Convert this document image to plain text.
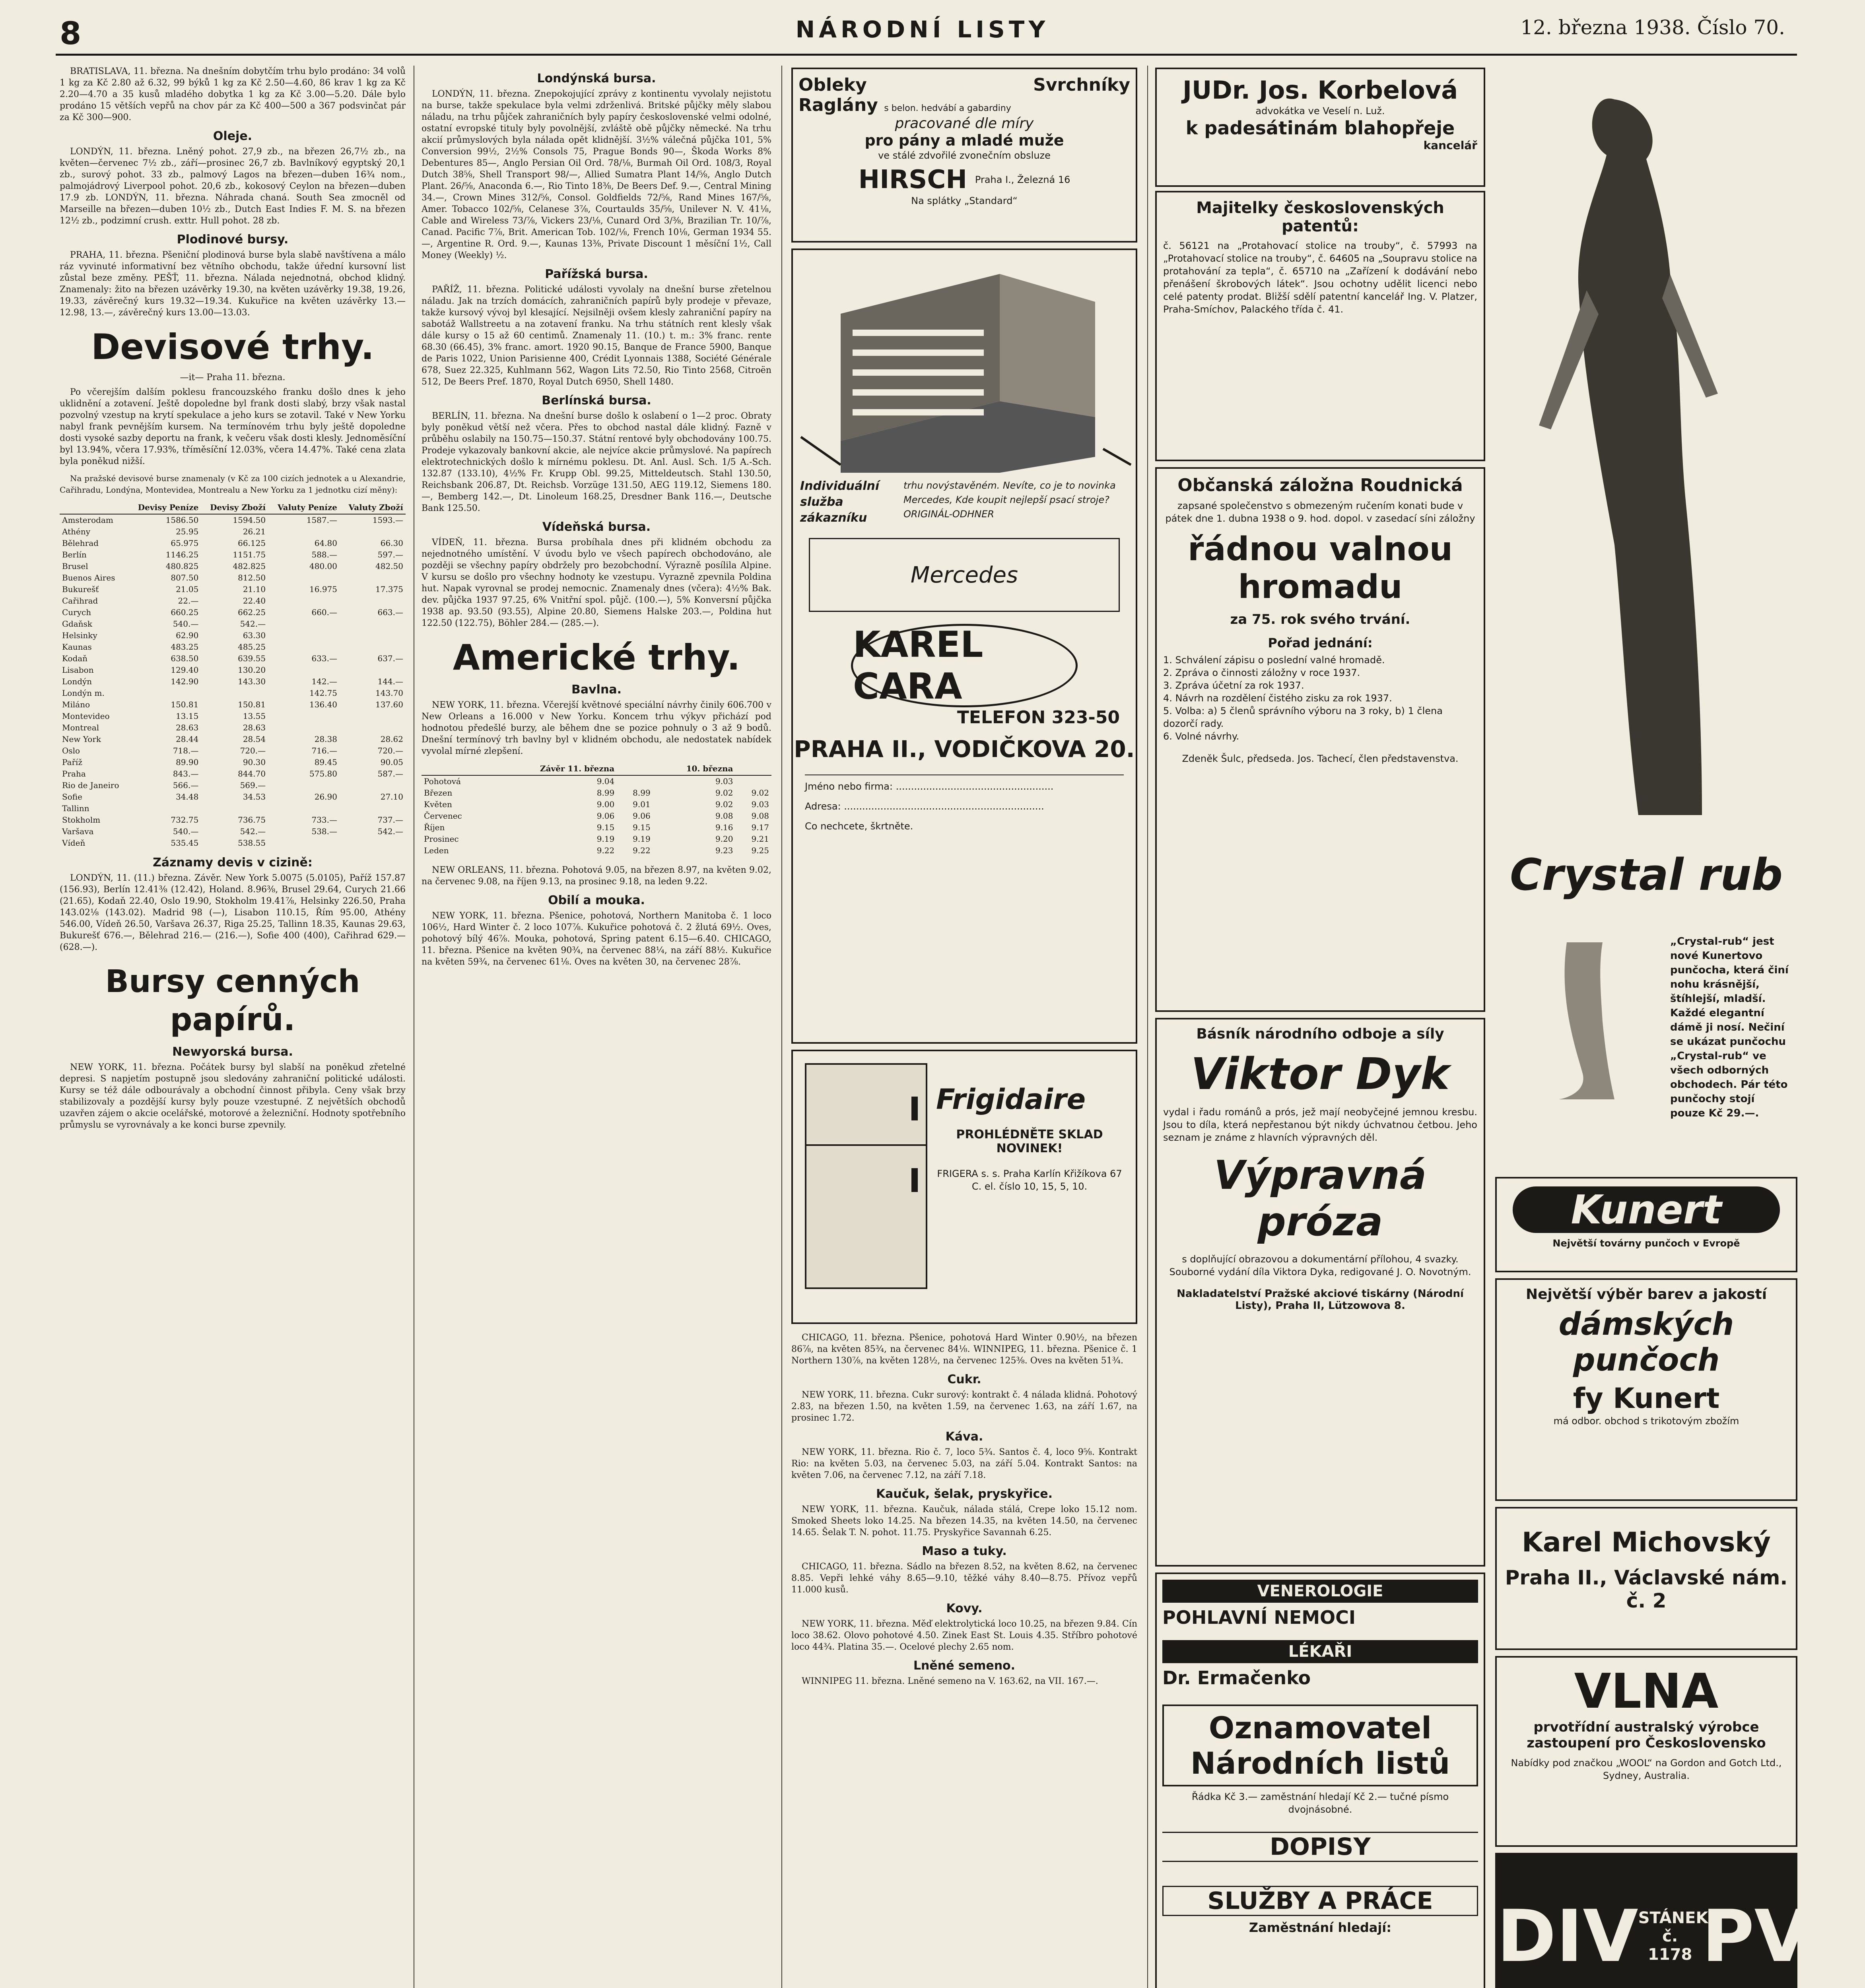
8	NÁRODNÍ LISTY	12. března 1938. Číslo 70.

BRATISLAVA, 11. března. Na dnešním dobytčím trhu bylo prodáno: 34 volů 1 kg za Kč 2.80 až 6.32, 99 býků 1 kg za Kč 2.50—4.60, 86 krav 1 kg za Kč 2.20—4.70 a 35 kusů mladého dobytka 1 kg za Kč 3.00—5.20. Dále bylo prodáno 15 větších vepřů na chov pár za Kč 400—500 a 367 podsvinčat pár za Kč 300—900.

Oleje.

LONDÝN, 11. března. Lněný pohot. 27,9 zb., na březen 26,7½ zb., na květen—červenec 7½ zb., září—prosinec 26,7 zb. Bavlníkový egyptský 20,1 zb., surový pohot. 33 zb., palmový Lagos na březen—duben 16¾ nom., palmojádrový Liverpool pohot. 20,6 zb., kokosový Ceylon na březen—duben 17.9 zb. LONDÝN, 11. března. Náhrada chaná. South Sea zmocněl od Marseille na březen—duben 10½ zb., Dutch East Indies F. M. S. na březen 12½ zb., podzimní crush. exttr. Hull pohot. 28 zb.

Plodinové bursy.

PRAHA, 11. března. Pšeniční plodinová burse byla slabě navštívena a málo ráz vyvinuté informativní bez větního obchodu, takže úřední kursovní list zůstal beze změny. PEŠŤ, 11. března. Nálada nejednotná, obchod klidný. Znamenaly: žito na březen uzávěrky 19.30, na květen uzávěrky 19.38, 19.26, 19.33, závěrečný kurs 19.32—19.34. Kukuřice na květen uzávěrky 13.—12.98, 13.—, závěrečný kurs 13.00—13.03.

Devisové trhy.
—it— Praha 11. března.

Po včerejším dalším poklesu francouzského franku došlo dnes k jeho uklidnění a zotavení. Ještě dopoledne byl frank dosti slabý, brzy však nastal pozvolný vzestup na krytí spekulace a jeho kurs se zotavil. Také v New Yorku nabyl frank pevnějším kursem. Na termínovém trhu byly ještě dopoledne dosti vysoké sazby deportu na frank, k večeru však dosti klesly. Jednoměsíční byl 13.94%, včera 17.93%, tříměsíční 12.03%, včera 14.47%. Také cena zlata byla poněkud nižší.

Na pražské devisové burse znamenaly (v Kč za 100 cizích jednotek a u Alexandrie, Cařihradu, Londýna, Montevidea, Montrealu a New Yorku za 1 jednotku cizí měny):

	Devisy Peníze	Devisy Zboží	Valuty Peníze	Valuty Zboží
Amsterodam	1586.50	1594.50	1587.—	1593.—
Athény	25.95	26.21		
Bělehrad	65.975	66.125	64.80	66.30
Berlín	1146.25	1151.75	588.—	597.—
Brusel	480.825	482.825	480.00	482.50
Buenos Aires	807.50	812.50		
Bukurešť	21.05	21.10	16.975	17.375
Cařihrad	22.—	22.40		
Curych	660.25	662.25	660.—	663.—
Gdaňsk	540.—	542.—		
Helsinky	62.90	63.30		
Kaunas	483.25	485.25		
Kodaň	638.50	639.55	633.—	637.—
Lisabon	129.40	130.20		
Londýn	142.90	143.30	142.—	144.—
Londýn m.			142.75	143.70
Miláno	150.81	150.81	136.40	137.60
Montevideo	13.15	13.55		
Montreal	28.63	28.63		
New York	28.44	28.54	28.38	28.62
Oslo	718.—	720.—	716.—	720.—
Paříž	89.90	90.30	89.45	90.05
Praha	843.—	844.70	575.80	587.—
Rio de Janeiro	566.—	569.—		
Sofie	34.48	34.53	26.90	27.10
Tallinn				
Stokholm	732.75	736.75	733.—	737.—
Varšava	540.—	542.—	538.—	542.—
Vídeň	535.45	538.55		
Záznamy devis v cizině:

LONDÝN, 11. (11.) března. Závěr. New York 5.0075 (5.0105), Paříž 157.87 (156.93), Berlín 12.41⅜ (12.42), Holand. 8.96⅜, Brusel 29.64, Curych 21.66 (21.65), Kodaň 22.40, Oslo 19.90, Stokholm 19.41⅞, Helsinky 226.50, Praha 143.02⅛ (143.02). Madrid 98 (—), Lisabon 110.15, Řím 95.00, Athény 546.00, Vídeň 26.50, Varšava 26.37, Riga 25.25, Tallinn 18.35, Kaunas 29.63, Bukurešť 676.—, Bělehrad 216.— (216.—), Sofie 400 (400), Cařihrad 629.— (628.—).

Bursy cenných papírů.
Newyorská bursa.

NEW YORK, 11. března. Počátek bursy byl slabší na poněkud zřetelné depresi. S napjetím postupně jsou sledovány zahraniční politické události. Kursy se též dále odbourávaly a obchodní činnost přibyla. Ceny však brzy stabilizovaly a pozdější kursy byly pouze vzestupné. Z největších obchodů uzavřen zájem o akcie ocelářské, motorové a železniční. Hodnoty spotřebního průmyslu se vyrovnávaly a ke konci burse zpevnily.

Londýnská bursa.

LONDÝN, 11. března. Znepokojující zprávy z kontinentu vyvolaly nejistotu na burse, takže spekulace byla velmi zdrženlivá. Britské půjčky měly slabou náladu, na trhu půjček zahraničních byly papíry československé velmi odolné, ostatní evropské tituly byly povolnější, zvláště obě půjčky německé. Na trhu akcií průmyslových byla nálada opět klidnější. 3½% válečná půjčka 101, 5% Conversion 99½, 2½% Consols 75, Prague Bonds 90—, Škoda Works 8% Debentures 85—, Anglo Persian Oil Ord. 78/⅛, Burmah Oil Ord. 108/3, Royal Dutch 38⅝, Shell Transport 98/—, Allied Sumatra Plant 14/⅝, Anglo Dutch Plant. 26/⅝, Anaconda 6.—, Rio Tinto 18⅜, De Beers Def. 9.—, Central Mining 34.—, Crown Mines 312/⅝, Consol. Goldfields 72/⅝, Rand Mines 167/⅝, Amer. Tobacco 102/⅝, Celanese 3⅞, Courtaulds 35/⅝, Unilever N. V. 41⅛, Cable and Wireless 73/⅞, Vickers 23/⅛, Cunard Ord 3/⅜, Brazilian Tr. 10/⅞, Canad. Pacific 7⅞, Brit. American Tob. 102/⅛, French 10⅛, German 1934 55.—, Argentine R. Ord. 9.—, Kaunas 13⅜, Private Discount 1 měsíční 1½, Call Money (Weekly) ½.

Pařížská bursa.

PAŘÍŽ, 11. března. Politické události vyvolaly na dnešní burse zřetelnou náladu. Jak na trzích domácích, zahraničních papírů byly prodeje v převaze, takže kursový vývoj byl klesající. Nejsilněji ovšem klesly zahraniční papíry na sabotáž Wallstreetu a na zotavení franku. Na trhu státních rent klesly však dále kursy o 15 až 60 centimů. Znamenaly 11. (10.) t. m.: 3% franc. rente 68.30 (66.45), 3% franc. amort. 1920 90.15, Banque de France 5900, Banque de Paris 1022, Union Parisienne 400, Crédit Lyonnais 1388, Société Générale 678, Suez 22.325, Kuhlmann 562, Wagon Lits 72.50, Rio Tinto 2568, Citroën 512, De Beers Pref. 1870, Royal Dutch 6950, Shell 1480.

Berlínská bursa.

BERLÍN, 11. března. Na dnešní burse došlo k oslabení o 1—2 proc. Obraty byly poněkud větší než včera. Přes to obchod nastal dále klidný. Fazně v průběhu oslabily na 150.75—150.37. Státní rentové byly obchodovány 100.75. Prodeje vykazovaly bankovní akcie, ale nejvíce akcie průmyslové. Na papírech elektrotechnických došlo k mírnému poklesu. Dt. Anl. Ausl. Sch. 1/5 A.-Sch. 132.87 (133.10), 4½% Fr. Krupp Obl. 99.25, Mitteldeutsch. Stahl 130.50, Reichsbank 206.87, Dt. Reichsb. Vorzüge 131.50, AEG 119.12, Siemens 180.—, Bemberg 142.—, Dt. Linoleum 168.25, Dresdner Bank 116.—, Deutsche Bank 125.50.

Vídeňská bursa.

VÍDEŇ, 11. března. Bursa probíhala dnes při klidném obchodu za nejednotného umístění. V úvodu bylo ve všech papírech obchodováno, ale později se všechny papíry obdržely pro bezobchodní. Výrazně posílila Alpine. V kursu se došlo pro všechny hodnoty ke vzestupu. Vyrazně zpevnila Poldina hut. Napak vyrovnal se prodej nemocnic. Znamenaly dnes (včera): 4½% Bak. dev. půjčka 1937 97.25, 6% Vnitřní spol. půjč. (100.—), 5% Konversní půjčka 1938 ap. 93.50 (93.55), Alpine 20.80, Siemens Halske 203.—, Poldina hut 122.50 (122.75), Böhler 284.— (285.—).

Americké trhy.
Bavlna.

NEW YORK, 11. března. Včerejší květnové speciální návrhy činily 606.700 v New Orleans a 16.000 v New Yorku. Koncem trhu výkyv přichází pod hodnotou předešlé burzy, ale během dne se pozice pohnuly o 3 až 9 bodů. Dnešní termínový trh bavlny byl v klidném obchodu, ale nedostatek nabídek vyvolal mírné zlepšení.

	Závěr 11. března		10. března	
Pohotová	9.04		9.03	
Březen	8.99	8.99	9.02	9.02
Květen	9.00	9.01	9.02	9.03
Červenec	9.06	9.06	9.08	9.08
Říjen	9.15	9.15	9.16	9.17
Prosinec	9.19	9.19	9.20	9.21
Leden	9.22	9.22	9.23	9.25

NEW ORLEANS, 11. března. Pohotová 9.05, na březen 8.97, na květen 9.02, na červenec 9.08, na říjen 9.13, na prosinec 9.18, na leden 9.22.

Obilí a mouka.

NEW YORK, 11. března. Pšenice, pohotová, Northern Manitoba č. 1 loco 106½, Hard Winter č. 2 loco 107⅞. Kukuřice pohotová č. 2 žlutá 69½. Oves, pohotový bílý 46⅞. Mouka, pohotová, Spring patent 6.15—6.40. CHICAGO, 11. března. Pšenice na květen 90¾, na červenec 88¼, na září 88½. Kukuřice na květen 59¾, na červenec 61⅛. Oves na květen 30, na červenec 28⅞.

Obleky	Svrchníky
Raglány s belon. hedvábí a gabardiny
pracované dle míry
pro pány a mladé muže
ve stálé zdvořilé zvonečním obsluze
HIRSCH Praha I., Železná 16
Na splátky „Standard“
Individuální služba zákazníku
trhu novýstavěném. Nevíte, co je to novinka Mercedes, Kde koupit nejlepší psací stroje? ORIGINÁL-ODHNER
Mercedes
KAREL CARA
TELEFON 323-50
PRAHA II., VODIČKOVA 20.
Jméno nebo firma: ....................................................
Adresa: ..................................................................
Co nechcete, škrtněte.
Frigidaire
PROHLÉDNĚTE SKLAD NOVINEK!
FRIGERA s. s. Praha Karlín Křižíkova 67
C. el. číslo 10, 15, 5, 10.

CHICAGO, 11. března. Pšenice, pohotová Hard Winter 0.90½, na březen 86⅞, na květen 85¾, na červenec 84⅛. WINNIPEG, 11. března. Pšenice č. 1 Northern 130⅞, na květen 128½, na červenec 125⅜. Oves na květen 51¾.

Cukr.

NEW YORK, 11. března. Cukr surový: kontrakt č. 4 nálada klidná. Pohotový 2.83, na březen 1.50, na květen 1.59, na červenec 1.63, na září 1.67, na prosinec 1.72.

Káva.

NEW YORK, 11. března. Rio č. 7, loco 5¾. Santos č. 4, loco 9⅝. Kontrakt Rio: na květen 5.03, na červenec 5.03, na září 5.04. Kontrakt Santos: na květen 7.06, na červenec 7.12, na září 7.18.

Kaučuk, šelak, pryskyřice.

NEW YORK, 11. března. Kaučuk, nálada stálá, Crepe loko 15.12 nom. Smoked Sheets loko 14.25. Na březen 14.35, na květen 14.50, na červenec 14.65. Šelak T. N. pohot. 11.75. Pryskyřice Savannah 6.25.

Maso a tuky.

CHICAGO, 11. března. Sádlo na březen 8.52, na květen 8.62, na červenec 8.85. Vepři lehké váhy 8.65—9.10, těžké váhy 8.40—8.75. Přívoz vepřů 11.000 kusů.

Kovy.

NEW YORK, 11. března. Měď elektrolytická loco 10.25, na březen 9.84. Cín loco 38.62. Olovo pohotové 4.50. Zinek East St. Louis 4.35. Stříbro pohotové loco 44¾. Platina 35.—. Ocelové plechy 2.65 nom.

Lněné semeno.

WINNIPEG 11. března. Lněné semeno na V. 163.62, na VII. 167.—.

JUDr. Jos. Korbelová
advokátka ve Veselí n. Luž.
k padesátinám blahopřeje
kancelář
Majitelky československých patentů:
č. 56121 na „Protahovací stolice na trouby“, č. 57993 na „Protahovací stolice na trouby“, č. 64605 na „Soupravu stolice na protahování za tepla“, č. 65710 na „Zařízení k dodávání nebo přenášení škrobových látek“. Jsou ochotny udělit licenci nebo celé patenty prodat. Bližší sdělí patentní kancelář Ing. V. Platzer, Praha-Smíchov, Palackého třída č. 41.
Občanská záložna Roudnická
zapsané společenstvo s obmezeným ručením konati bude v pátek dne 1. dubna 1938 o 9. hod. dopol. v zasedací síni záložny
řádnou valnou hromadu
za 75. rok svého trvání.
Pořad jednání:
1. Schválení zápisu o poslední valné hromadě.
2. Zpráva o činnosti záložny v roce 1937.
3. Zpráva účetní za rok 1937.
4. Návrh na rozdělení čistého zisku za rok 1937.
5. Volba: a) 5 členů správního výboru na 3 roky, b) 1 člena dozorčí rady.
6. Volné návrhy.
Zdeněk Šulc, předseda. Jos. Tachecí, člen představenstva.
Básník národního odboje a síly
Viktor Dyk
vydal i řadu románů a prós, jež mají neobyčejné jemnou kresbu. Jsou to díla, která nepřestanou být nikdy úchvatnou četbou. Jeho seznam je známe z hlavních výpravných děl.
Výpravná próza
s doplňující obrazovou a dokumentární přílohou, 4 svazky. Souborné vydání díla Viktora Dyka, redigované J. O. Novotným.
Nakladatelství Pražské akciové tiskárny (Národní Listy), Praha II, Lützowova 8.
VENEROLOGIE
POHLAVNÍ NEMOCI
LÉKAŘI
Dr. Ermačenko
Oznamovatel Národních listů
Řádka Kč 3.— zaměstnání hledají Kč 2.— tučné písmo dvojnásobné.
DOPISY
SLUŽBY A PRÁCE
Zaměstnání hledají:
Crystal rub
„Crystal-rub“ jest nové Kunertovo punčocha, která činí nohu krásnější, štíhlejší, mladší. Každé elegantní dámě ji nosí. Nečiní se ukázat punčochu „Crystal-rub“ ve všech odborných obchodech. Pár této punčochy stojí pouze Kč 29.—.
Kunert
Největší továrny punčoch v Evropě
Největší výběr barev a jakostí
dámských punčoch
fy Kunert
má odbor. obchod s trikotovým zbožím
Karel Michovský
Praha II., Václavské nám. č. 2
VLNA
prvotřídní australský výrobce zastoupení pro Československo
Nabídky pod značkou „WOOL“ na Gordon and Gotch Ltd., Sydney, Australia.
DIV STÁNEK č. 1178 PVV
